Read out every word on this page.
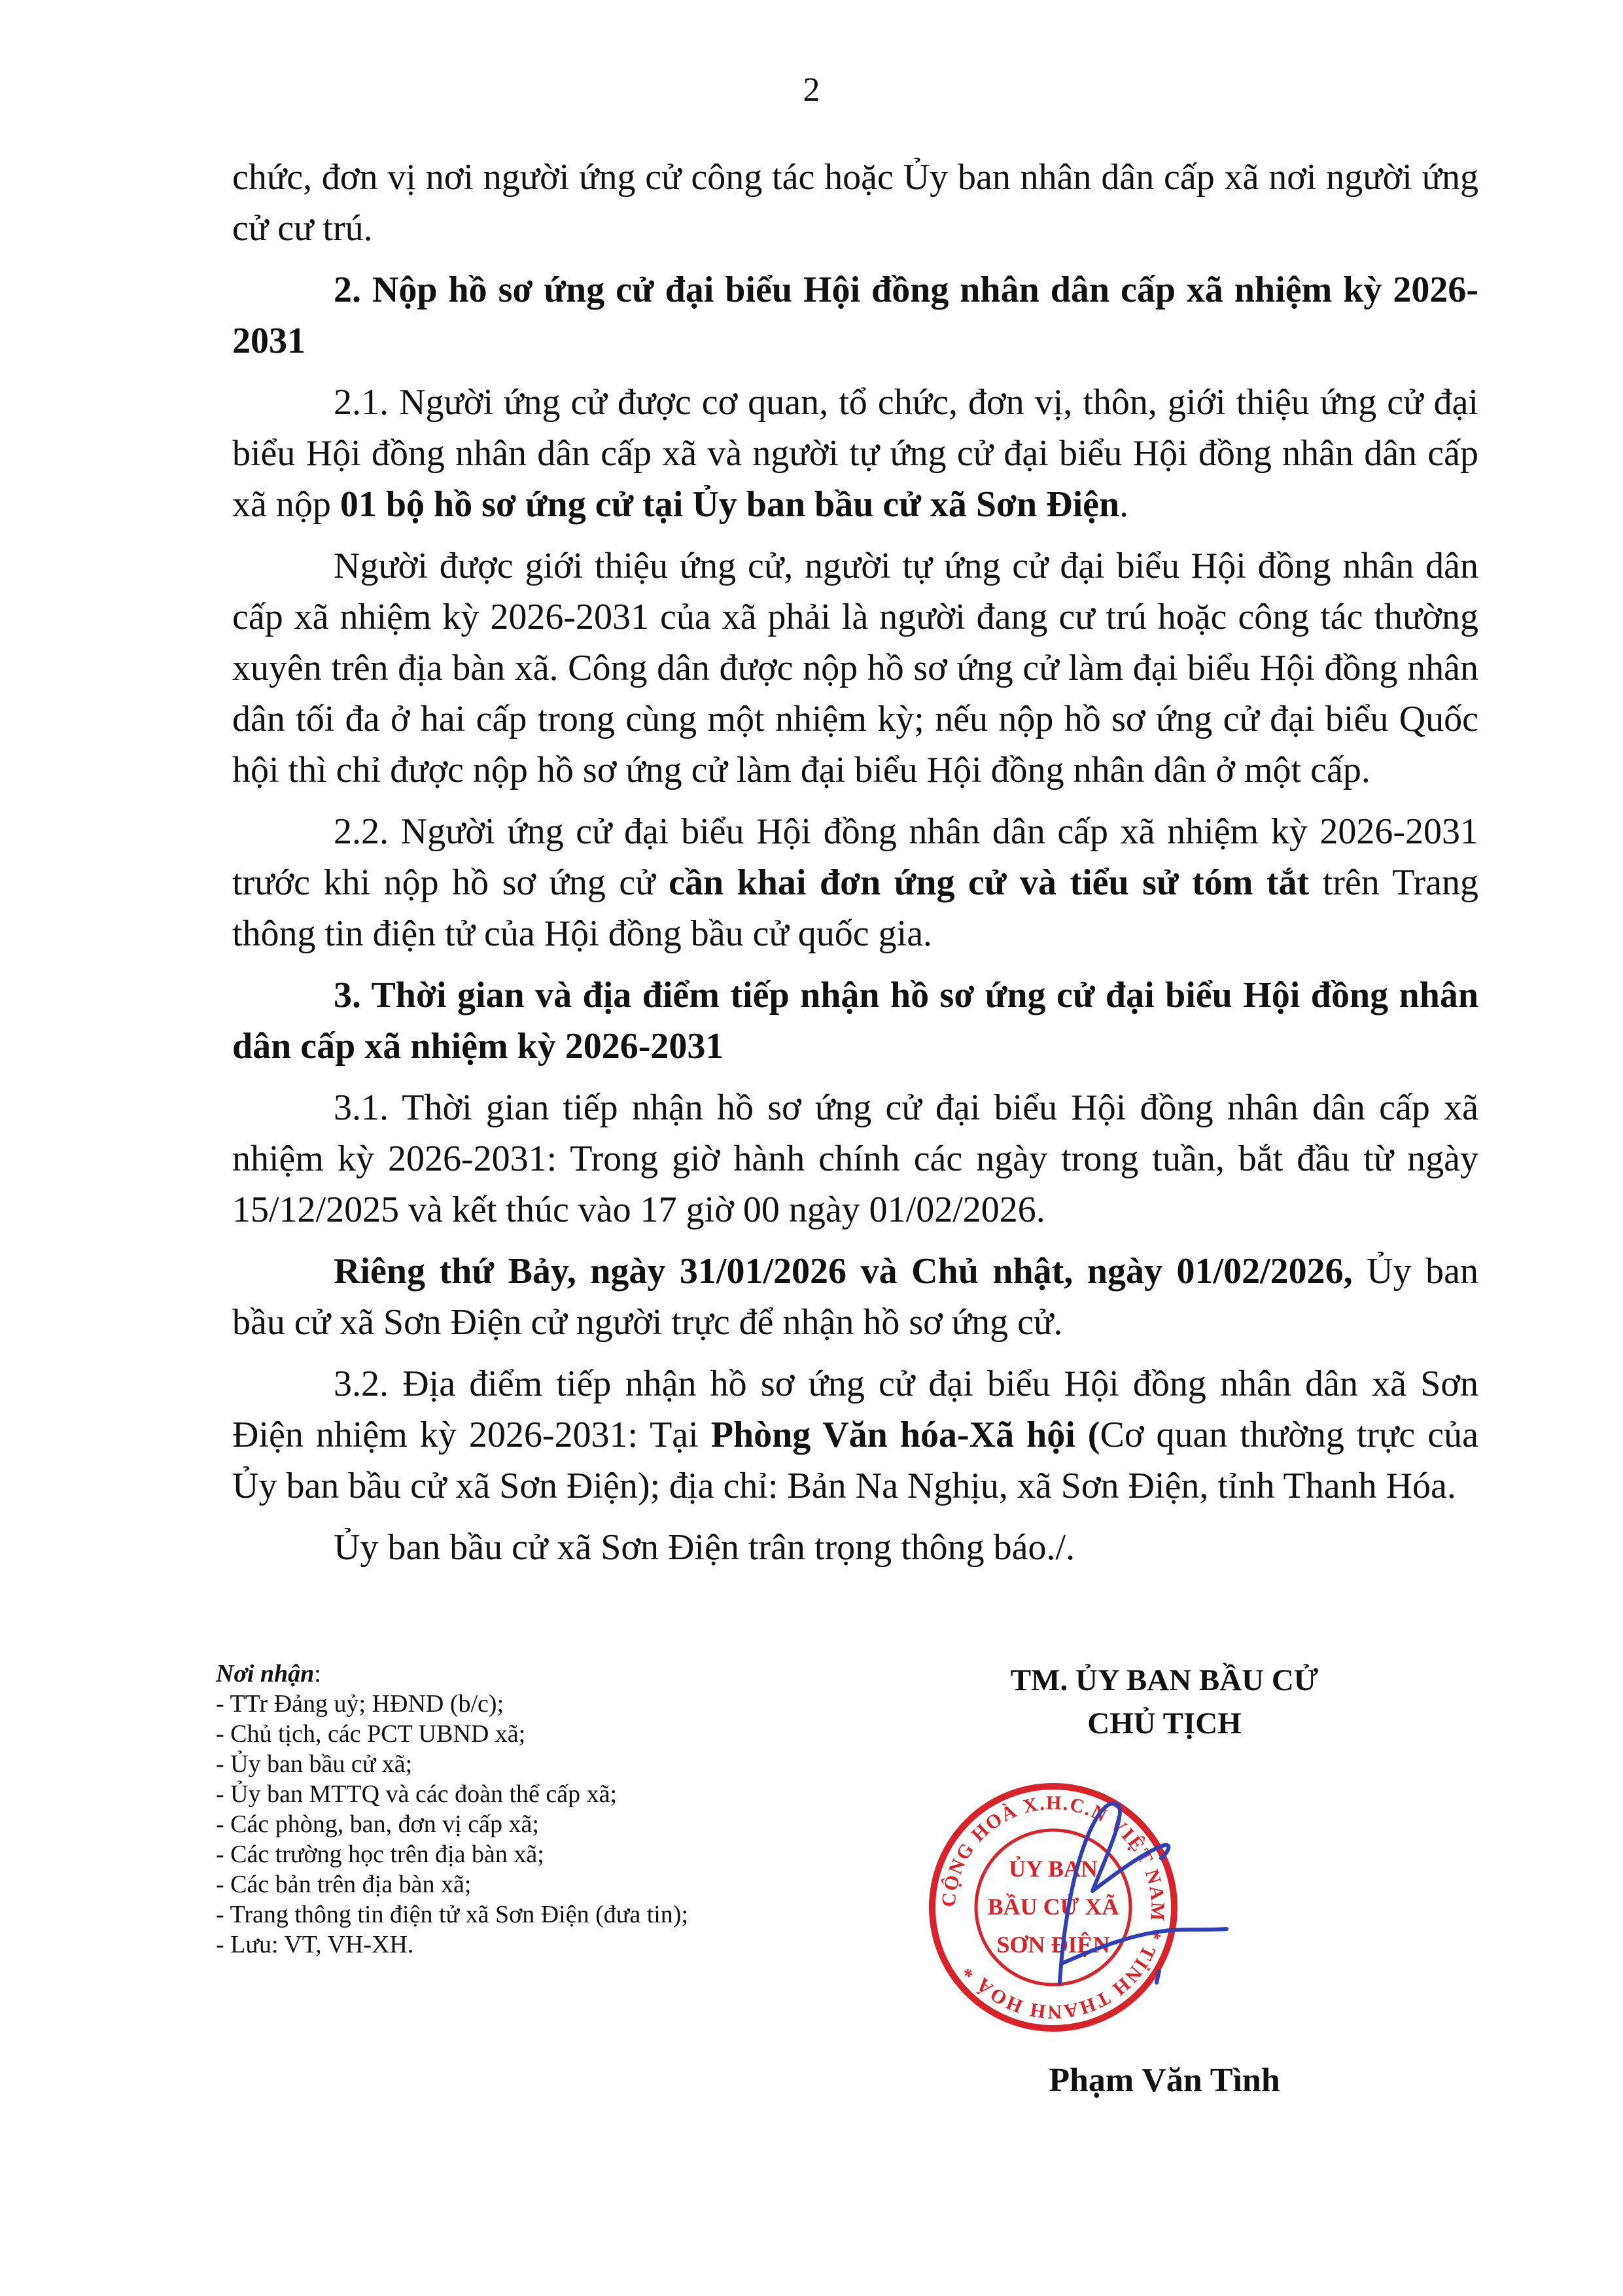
2

chức, đơn vị nơi người ứng cử công tác hoặc Ủy ban nhân dân cấp xã nơi người ứng cử cư trú.

2. Nộp hồ sơ ứng cử đại biểu Hội đồng nhân dân cấp xã nhiệm kỳ 2026-2031

2.1. Người ứng cử được cơ quan, tổ chức, đơn vị, thôn, giới thiệu ứng cử đại biểu Hội đồng nhân dân cấp xã và người tự ứng cử đại biểu Hội đồng nhân dân cấp xã nộp 01 bộ hồ sơ ứng cử tại Ủy ban bầu cử xã Sơn Điện.

Người được giới thiệu ứng cử, người tự ứng cử đại biểu Hội đồng nhân dân cấp xã nhiệm kỳ 2026-2031 của xã phải là người đang cư trú hoặc công tác thường xuyên trên địa bàn xã. Công dân được nộp hồ sơ ứng cử làm đại biểu Hội đồng nhân dân tối đa ở hai cấp trong cùng một nhiệm kỳ; nếu nộp hồ sơ ứng cử đại biểu Quốc hội thì chỉ được nộp hồ sơ ứng cử làm đại biểu Hội đồng nhân dân ở một cấp.

2.2. Người ứng cử đại biểu Hội đồng nhân dân cấp xã nhiệm kỳ 2026-2031 trước khi nộp hồ sơ ứng cử cần khai đơn ứng cử và tiểu sử tóm tắt trên Trang thông tin điện tử của Hội đồng bầu cử quốc gia.

3. Thời gian và địa điểm tiếp nhận hồ sơ ứng cử đại biểu Hội đồng nhân dân cấp xã nhiệm kỳ 2026-2031

3.1. Thời gian tiếp nhận hồ sơ ứng cử đại biểu Hội đồng nhân dân cấp xã nhiệm kỳ 2026-2031: Trong giờ hành chính các ngày trong tuần, bắt đầu từ ngày 15/12/2025 và kết thúc vào 17 giờ 00 ngày 01/02/2026.

Riêng thứ Bảy, ngày 31/01/2026 và Chủ nhật, ngày 01/02/2026, Ủy ban bầu cử xã Sơn Điện cử người trực để nhận hồ sơ ứng cử.

3.2. Địa điểm tiếp nhận hồ sơ ứng cử đại biểu Hội đồng nhân dân xã Sơn Điện nhiệm kỳ 2026-2031: Tại Phòng Văn hóa-Xã hội (Cơ quan thường trực của Ủy ban bầu cử xã Sơn Điện); địa chỉ: Bản Na Nghịu, xã Sơn Điện, tỉnh Thanh Hóa.

Ủy ban bầu cử xã Sơn Điện trân trọng thông báo./.

Nơi nhận:
- TTr Đảng uỷ; HĐND (b/c);
- Chủ tịch, các PCT UBND xã;
- Ủy ban bầu cử xã;
- Ủy ban MTTQ và các đoàn thể cấp xã;
- Các phòng, ban, đơn vị cấp xã;
- Các trường học trên địa bàn xã;
- Các bản trên địa bàn xã;
- Trang thông tin điện tử xã Sơn Điện (đưa tin);
- Lưu: VT, VH-XH.
TM. ỦY BAN BẦU CỬ
CHỦ TỊCH
CỘNG HOÀ X.H.C.N VIỆT NAM * TỈNH THANH HOÁ *
ỦY BAN
BẦU CỬ XÃ
SƠN ĐIỆN
Phạm Văn Tình
